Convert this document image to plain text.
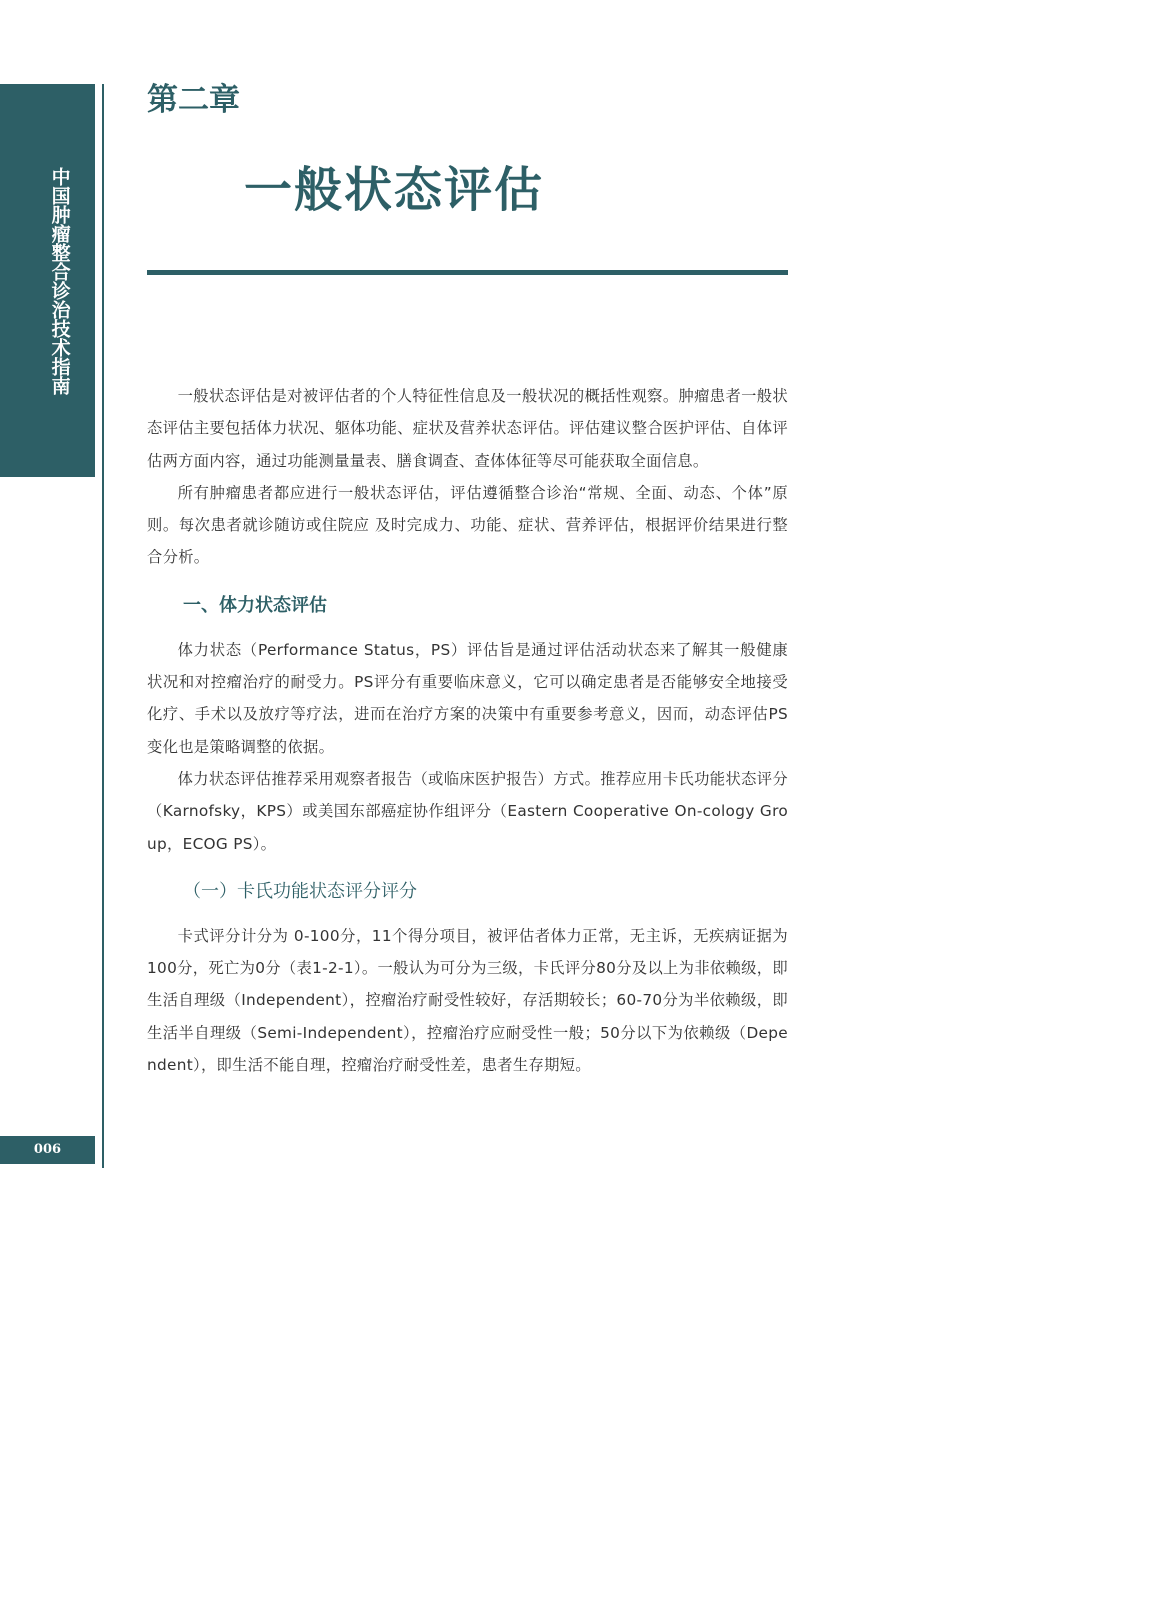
中国肿瘤整合诊治技术指南
006
第二章
一般状态评估

一般状态评估是对被评估者的个人特征性信息及一般状况的概括性观察。肿瘤患者一般状态评估主要包括体力状况、躯体功能、症状及营养状态评估。评估建议整合医护评估、自体评估两方面内容，通过功能测量量表、膳食调查、查体体征等尽可能获取全面信息。

所有肿瘤患者都应进行一般状态评估，评估遵循整合诊治“常规、全面、动态、个体”原则。每次患者就诊随访或住院应 及时完成力、功能、症状、营养评估，根据评价结果进行整合分析。

一、体力状态评估

体力状态（Performance Status，PS）评估旨是通过评估活动状态来了解其一般健康状况和对控瘤治疗的耐受力。PS评分有重要临床意义，它可以确定患者是否能够安全地接受化疗、手术以及放疗等疗法，进而在治疗方案的决策中有重要参考意义，因而，动态评估PS变化也是策略调整的依据。

体力状态评估推荐采用观察者报告（或临床医护报告）方式。推荐应用卡氏功能状态评分（Karnofsky，KPS）或美国东部癌症协作组评分（Eastern Cooperative On-cology Group，ECOG PS）。

（一）卡氏功能状态评分评分

卡式评分计分为 0-100分，11个得分项目，被评估者体力正常，无主诉，无疾病证据为100分，死亡为0分（表1-2-1）。一般认为可分为三级，卡氏评分80分及以上为非依赖级，即生活自理级（Independent），控瘤治疗耐受性较好，存活期较长；60-70分为半依赖级，即生活半自理级（Semi-Independent），控瘤治疗应耐受性一般；50分以下为依赖级（Dependent），即生活不能自理，控瘤治疗耐受性差，患者生存期短。
